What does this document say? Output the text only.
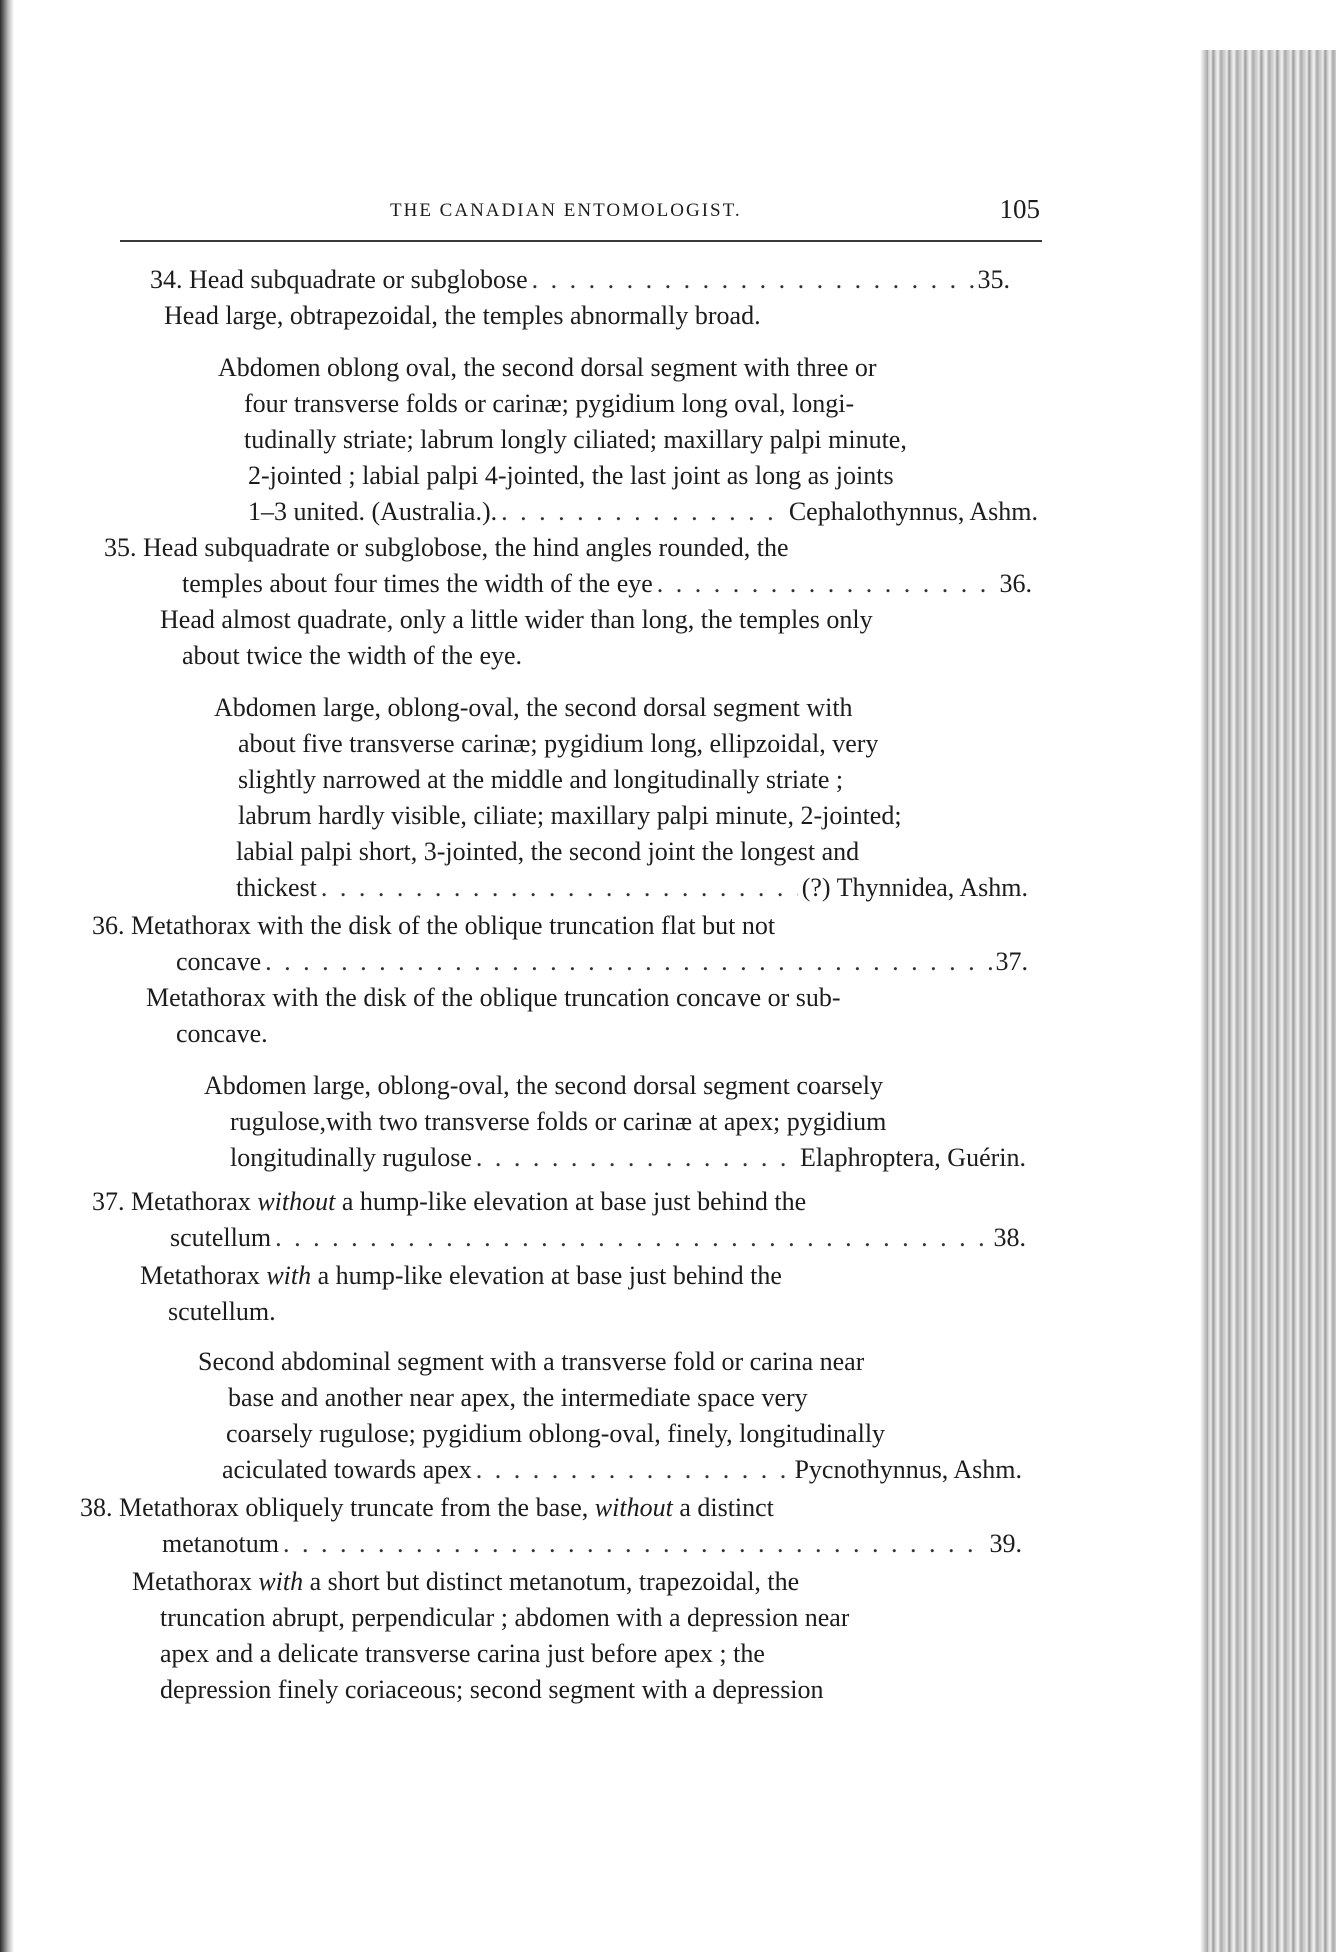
THE CANADIAN ENTOMOLOGIST.	105
34. Head subquadrate or subglobose . . .	35.
Head large, obtrapezoidal, the temples abnormally broad.
Abdomen oblong oval, the second dorsal segment with three or
four transverse folds or carinæ; pygidium long oval, longi-
tudinally striate; labrum longly ciliated; maxillary palpi minute,
2-jointed ; labial palpi 4-jointed, the last joint as long as joints
1–3 united. (Australia.). . . .	Cephalothynnus, Ashm.
35. Head subquadrate or subglobose, the hind angles rounded, the
temples about four times the width of the eye . . .	36.
Head almost quadrate, only a little wider than long, the temples only
about twice the width of the eye.
Abdomen large, oblong-oval, the second dorsal segment with
about five transverse carinæ; pygidium long, ellipzoidal, very
slightly narrowed at the middle and longitudinally striate ;
labrum hardly visible, ciliate; maxillary palpi minute, 2-jointed;
labial palpi short, 3-jointed, the second joint the longest and
thickest . . .	(?) Thynnidea, Ashm.
36. Metathorax with the disk of the oblique truncation flat but not
concave . . .	37.
Metathorax with the disk of the oblique truncation concave or sub-
concave.
Abdomen large, oblong-oval, the second dorsal segment coarsely
rugulose,with two transverse folds or carinæ at apex; pygidium
longitudinally rugulose . . .	Elaphroptera, Guérin.
37. Metathorax without a hump-like elevation at base just behind the
scutellum . . .	38.
Metathorax with a hump-like elevation at base just behind the
scutellum.
Second abdominal segment with a transverse fold or carina near
base and another near apex, the intermediate space very
coarsely rugulose; pygidium oblong-oval, finely, longitudinally
aciculated towards apex . . .	Pycnothynnus, Ashm.
38. Metathorax obliquely truncate from the base, without a distinct
metanotum . . .	39.
Metathorax with a short but distinct metanotum, trapezoidal, the
truncation abrupt, perpendicular ; abdomen with a depression near
apex and a delicate transverse carina just before apex ; the
depression finely coriaceous; second segment with a depression
